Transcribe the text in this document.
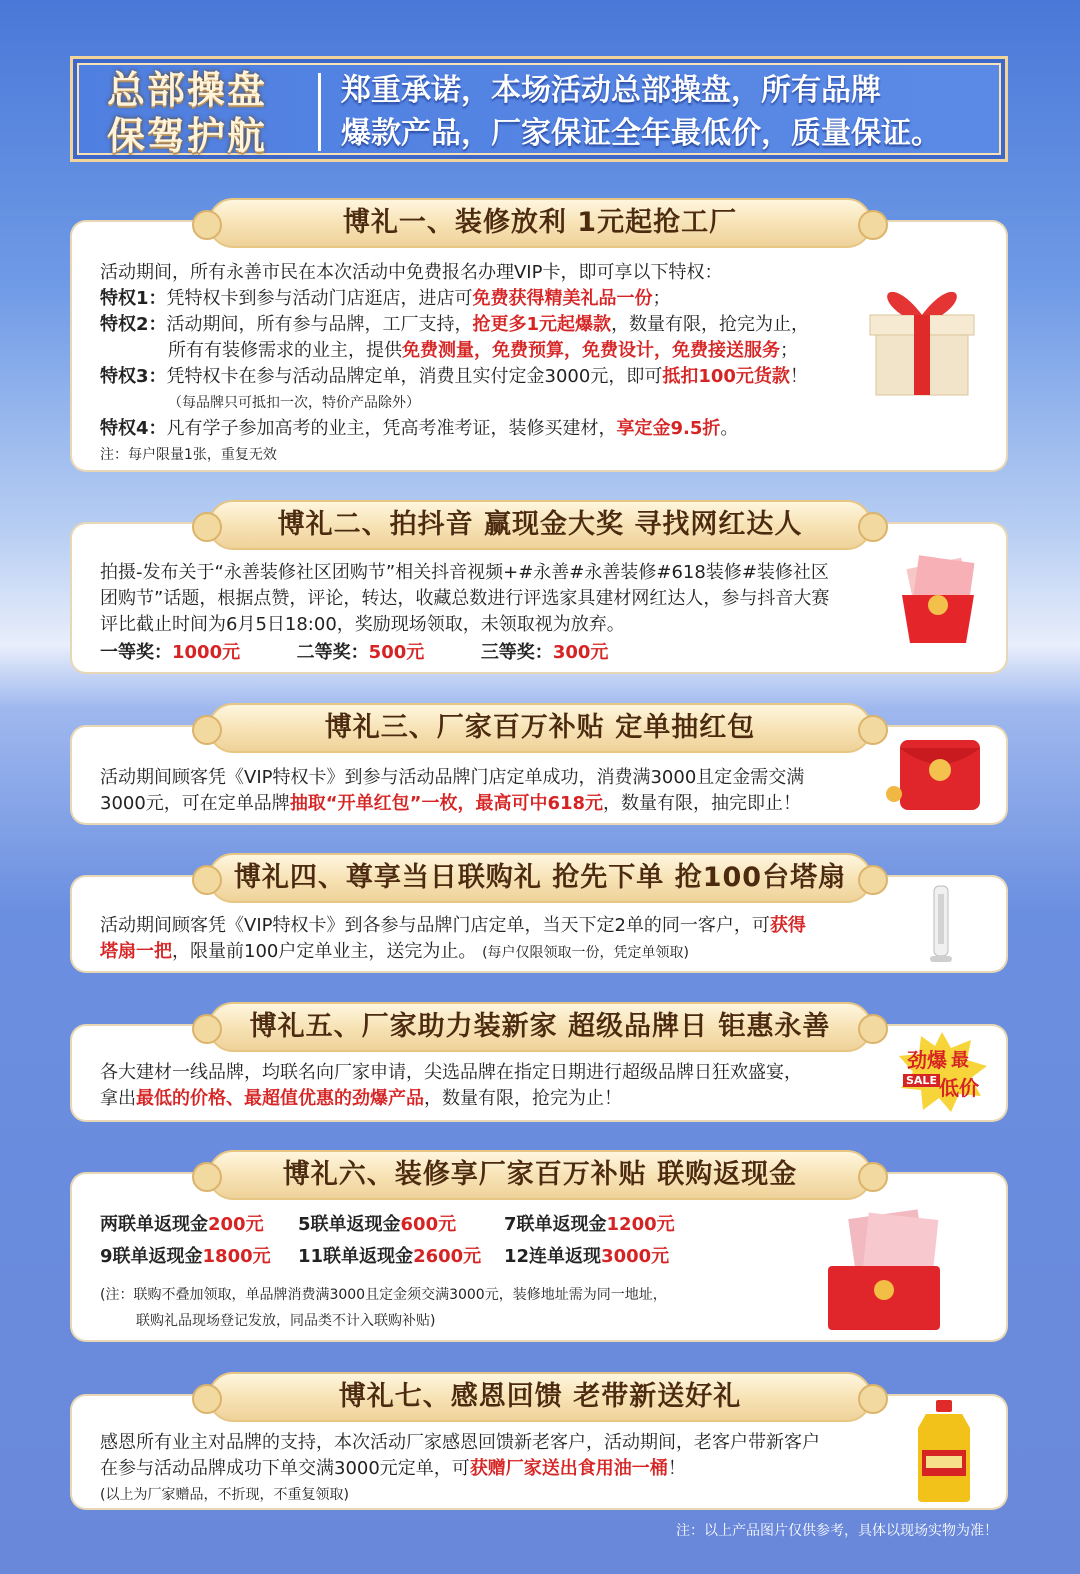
总部操盘
保驾护航
郑重承诺，本场活动总部操盘，所有品牌
爆款产品，厂家保证全年最低价，质量保证。
博礼一、装修放利 1元起抢工厂
活动期间，所有永善市民在本次活动中免费报名办理VIP卡，即可享以下特权：
特权1：凭特权卡到参与活动门店逛店，进店可免费获得精美礼品一份；
特权2：活动期间，所有参与品牌，工厂支持，抢更多1元起爆款，数量有限，抢完为止，
所有有装修需求的业主，提供免费测量，免费预算，免费设计，免费接送服务；
特权3：凭特权卡在参与活动品牌定单，消费且实付定金3000元，即可抵扣100元货款！
（每品牌只可抵扣一次，特价产品除外）
特权4：凡有学子参加高考的业主，凭高考准考证，装修买建材，享定金9.5折。
注：每户限量1张，重复无效
博礼二、拍抖音 赢现金大奖 寻找网红达人
拍摄-发布关于“永善装修社区团购节”相关抖音视频+#永善#永善装修#618装修#装修社区
团购节”话题，根据点赞，评论，转达，收藏总数进行评选家具建材网红达人，参与抖音大赛
评比截止时间为6月5日18:00，奖励现场领取，未领取视为放弃。
一等奖：1000元	二等奖：500元	三等奖：300元
博礼三、厂家百万补贴 定单抽红包
活动期间顾客凭《VIP特权卡》到参与活动品牌门店定单成功，消费满3000且定金需交满
3000元，可在定单品牌抽取“开单红包”一枚，最高可中618元，数量有限，抽完即止！
博礼四、尊享当日联购礼 抢先下单 抢100台塔扇
活动期间顾客凭《VIP特权卡》到各参与品牌门店定单，当天下定2单的同一客户，可获得
塔扇一把，限量前100户定单业主，送完为止。 (每户仅限领取一份，凭定单领取)
博礼五、厂家助力装新家 超级品牌日 钜惠永善
各大建材一线品牌，均联名向厂家申请，尖选品牌在指定日期进行超级品牌日狂欢盛宴，
拿出最低的价格、最超值优惠的劲爆产品，数量有限，抢完为止！
劲爆 最
SALE 低价
博礼六、装修享厂家百万补贴 联购返现金
两联单返现金200元 5联单返现金600元	7联单返现金1200元
9联单返现金1800元 11联单返现金2600元 12连单返现3000元
(注：联购不叠加领取，单品牌消费满3000且定金须交满3000元，装修地址需为同一地址，
联购礼品现场登记发放，同品类不计入联购补贴)
博礼七、感恩回馈 老带新送好礼
感恩所有业主对品牌的支持，本次活动厂家感恩回馈新老客户，活动期间，老客户带新客户
在参与活动品牌成功下单交满3000元定单，可获赠厂家送出食用油一桶！
(以上为厂家赠品，不折现，不重复领取)
注：以上产品图片仅供参考，具体以现场实物为准！
